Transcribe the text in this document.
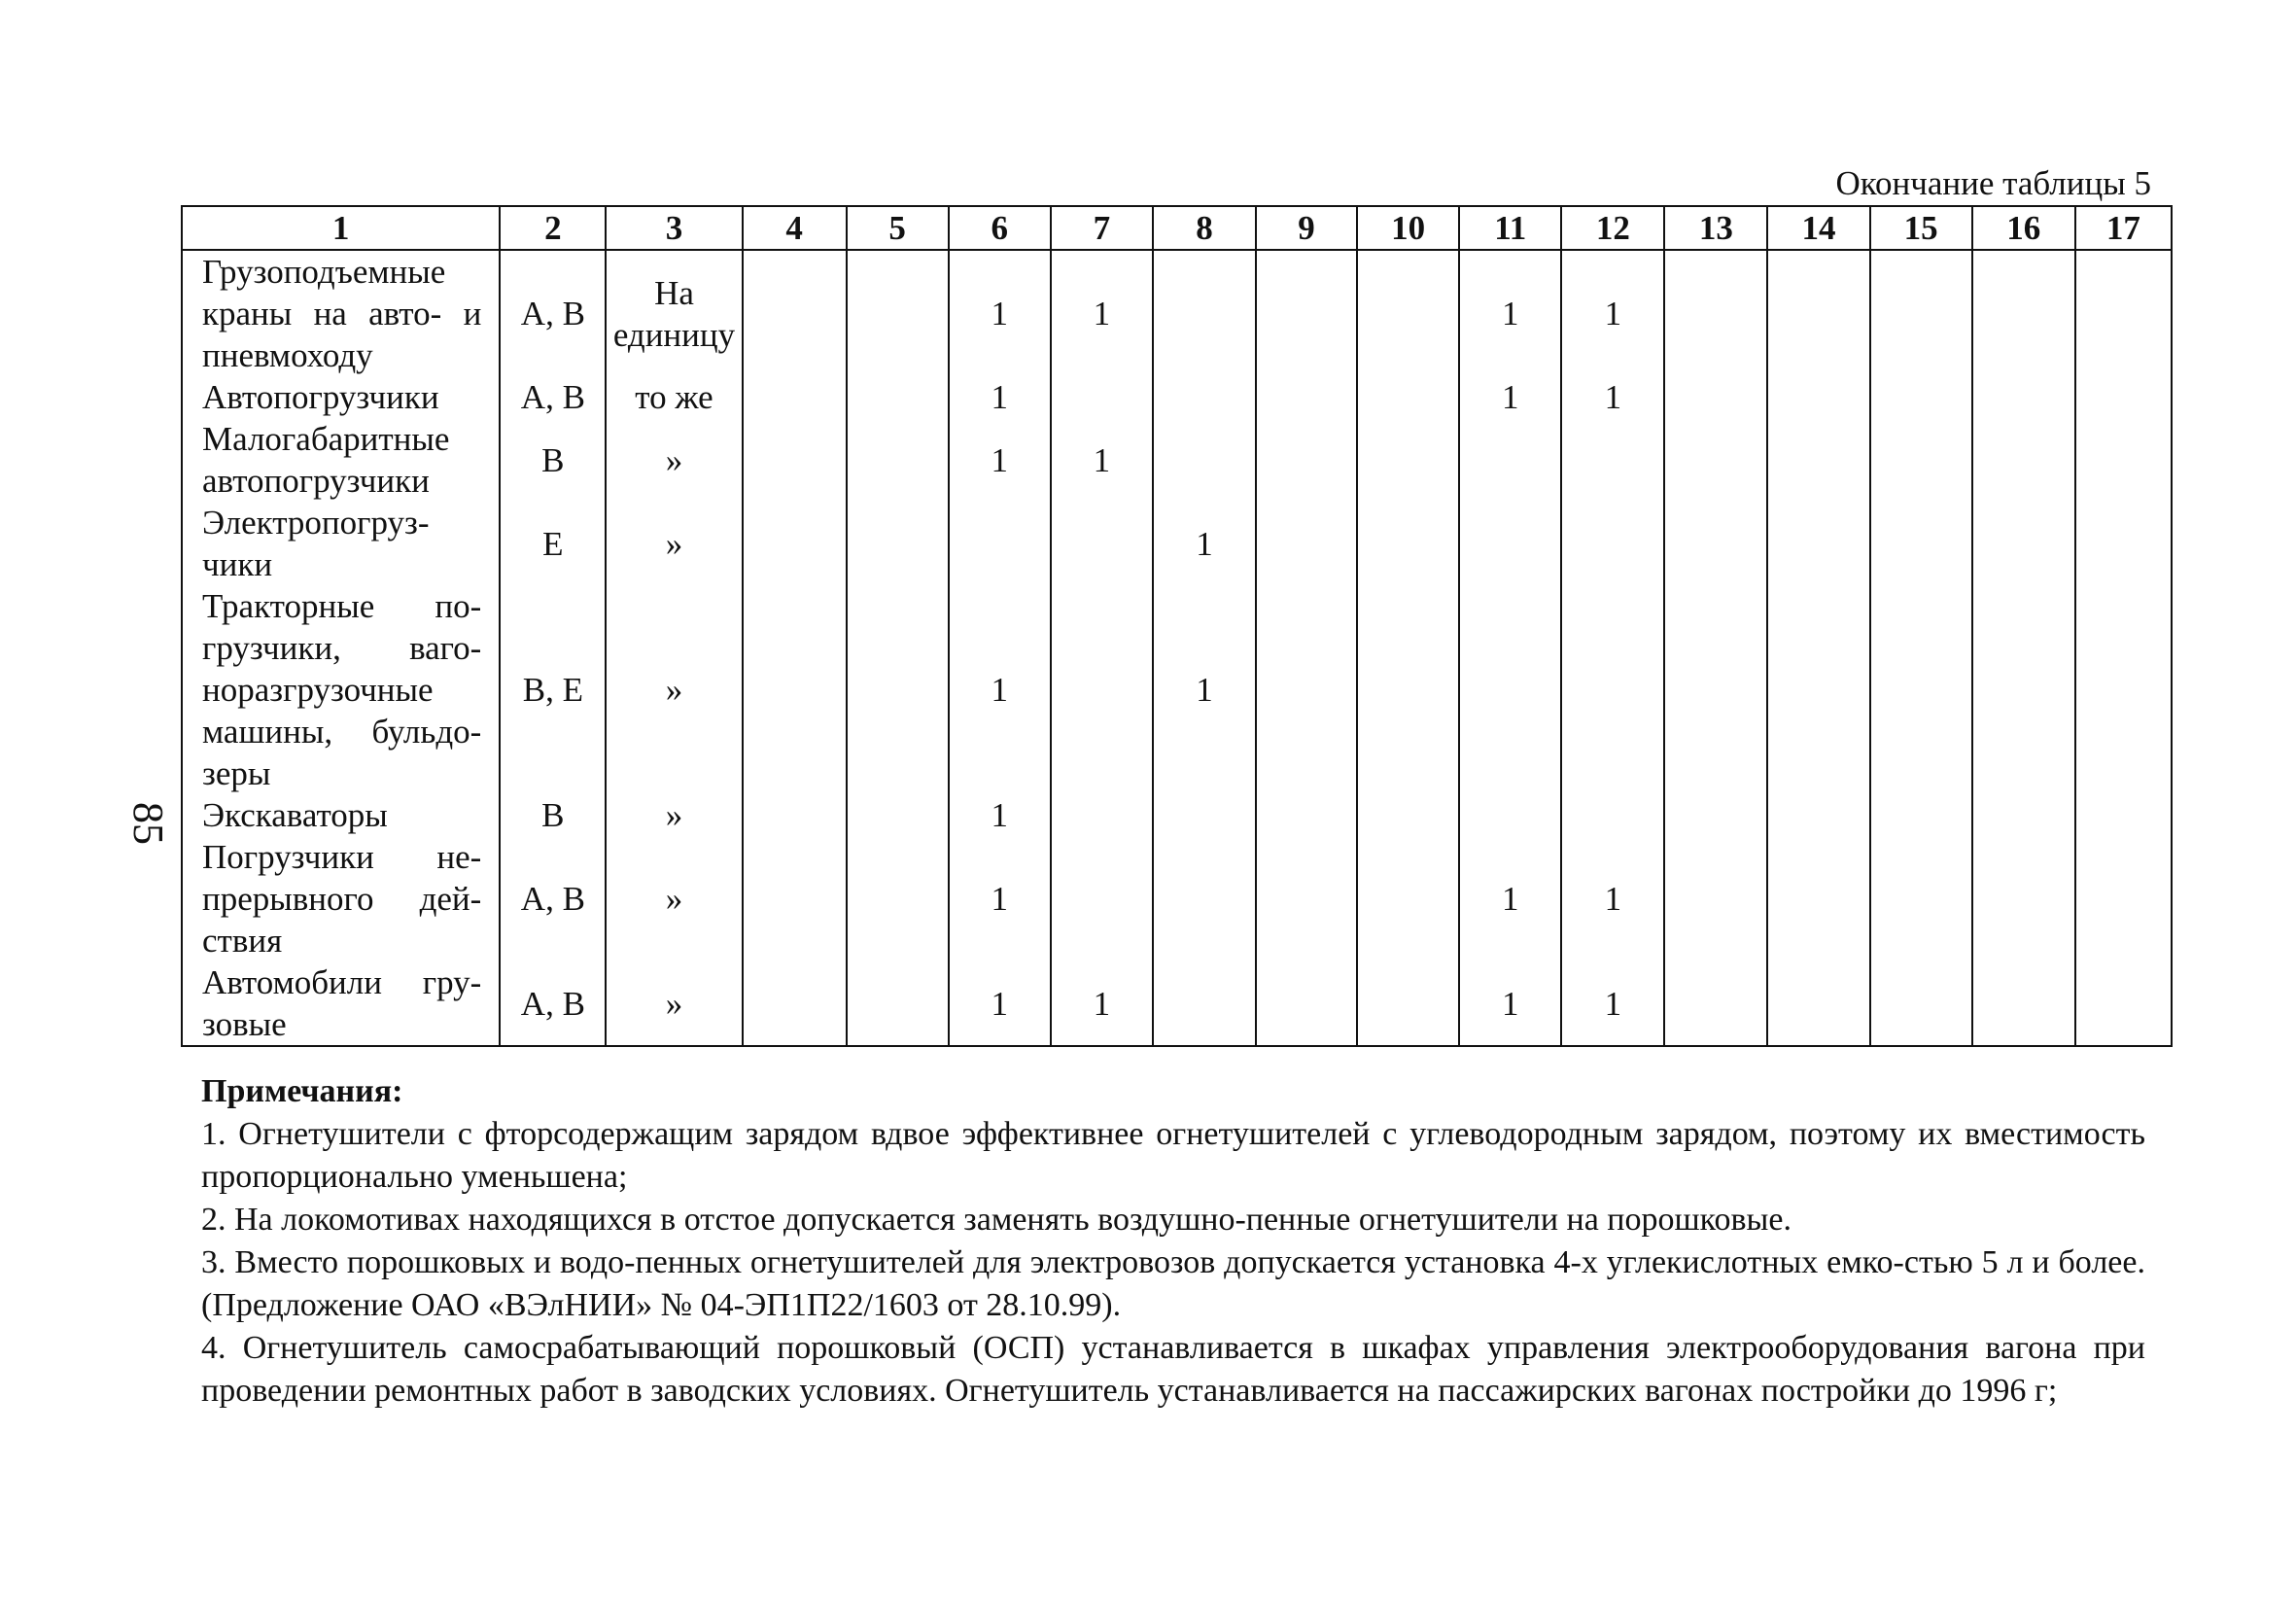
85
Окончание таблицы 5
1	2	3	4	5	6	7	8	9	10	11	12	13	14	15	16	17
Грузоподъемные краны на авто- и пневмоходу	А, В	На единицу			1	1				1	1					
Автопогрузчики	А, В	то же			1					1	1					
Малогабаритные автопогрузчики	В	»			1	1										
Электропогруз-чики	Е	»					1									
Тракторные по-грузчики, ваго-норазгрузочные машины, бульдо-зеры	В, Е	»			1		1									
Экскаваторы	В	»			1											
Погрузчики не-прерывного дей-ствия	А, В	»			1					1	1					
Автомобили гру-зовые	А, В	»			1	1				1	1					

Примечания:

1. Огнетушители с фторсодержащим зарядом вдвое эффективнее огнетушителей с углеводородным зарядом, поэтому их вместимость пропорционально уменьшена;

2. На локомотивах находящихся в отстое допускается заменять воздушно-пенные огнетушители на порошковые.

3. Вместо порошковых и водо-пенных огнетушителей для электровозов допускается установка 4-х углекислотных емко-стью 5 л и более. (Предложение ОАО «ВЭлНИИ» № 04-ЭП1П22/1603 от 28.10.99).

4. Огнетушитель самосрабатывающий порошковый (ОСП) устанавливается в шкафах управления электрооборудования вагона при проведении ремонтных работ в заводских условиях. Огнетушитель устанавливается на пассажирских вагонах постройки до 1996 г;
